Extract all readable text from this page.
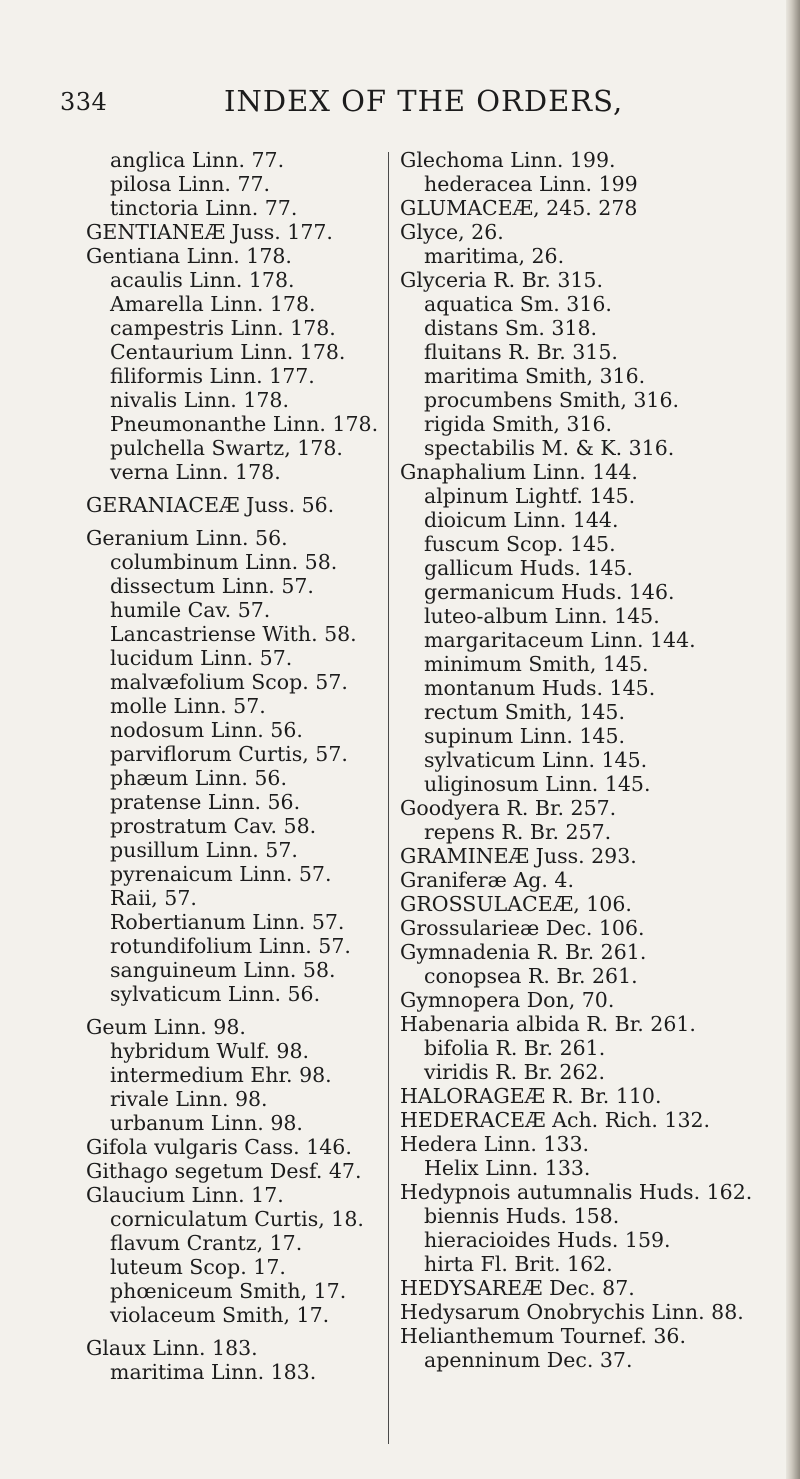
334	INDEX OF THE ORDERS,
anglica Linn. 77.
pilosa Linn. 77.
tinctoria Linn. 77.
GENTIANEÆ Juss. 177.
Gentiana Linn. 178.
acaulis Linn. 178.
Amarella Linn. 178.
campestris Linn. 178.
Centaurium Linn. 178.
filiformis Linn. 177.
nivalis Linn. 178.
Pneumonanthe Linn. 178.
pulchella Swartz, 178.
verna Linn. 178.
GERANIACEÆ Juss. 56.
Geranium Linn. 56.
columbinum Linn. 58.
dissectum Linn. 57.
humile Cav. 57.
Lancastriense With. 58.
lucidum Linn. 57.
malvæfolium Scop. 57.
molle Linn. 57.
nodosum Linn. 56.
parviflorum Curtis, 57.
phæum Linn. 56.
pratense Linn. 56.
prostratum Cav. 58.
pusillum Linn. 57.
pyrenaicum Linn. 57.
Raii, 57.
Robertianum Linn. 57.
rotundifolium Linn. 57.
sanguineum Linn. 58.
sylvaticum Linn. 56.
Geum Linn. 98.
hybridum Wulf. 98.
intermedium Ehr. 98.
rivale Linn. 98.
urbanum Linn. 98.
Gifola vulgaris Cass. 146.
Githago segetum Desf. 47.
Glaucium Linn. 17.
corniculatum Curtis, 18.
flavum Crantz, 17.
luteum Scop. 17.
phœniceum Smith, 17.
violaceum Smith, 17.
Glaux Linn. 183.
maritima Linn. 183.
Glechoma Linn. 199.
hederacea Linn. 199
GLUMACEÆ, 245. 278
Glyce, 26.
maritima, 26.
Glyceria R. Br. 315.
aquatica Sm. 316.
distans Sm. 318.
fluitans R. Br. 315.
maritima Smith, 316.
procumbens Smith, 316.
rigida Smith, 316.
spectabilis M. & K. 316.
Gnaphalium Linn. 144.
alpinum Lightf. 145.
dioicum Linn. 144.
fuscum Scop. 145.
gallicum Huds. 145.
germanicum Huds. 146.
luteo-album Linn. 145.
margaritaceum Linn. 144.
minimum Smith, 145.
montanum Huds. 145.
rectum Smith, 145.
supinum Linn. 145.
sylvaticum Linn. 145.
uliginosum Linn. 145.
Goodyera R. Br. 257.
repens R. Br. 257.
GRAMINEÆ Juss. 293.
Graniferæ Ag. 4.
GROSSULACEÆ, 106.
Grossularieæ Dec. 106.
Gymnadenia R. Br. 261.
conopsea R. Br. 261.
Gymnopera Don, 70.
Habenaria albida R. Br. 261.
bifolia R. Br. 261.
viridis R. Br. 262.
HALORAGEÆ R. Br. 110.
HEDERACEÆ Ach. Rich. 132.
Hedera Linn. 133.
Helix Linn. 133.
Hedypnois autumnalis Huds. 162.
biennis Huds. 158.
hieracioides Huds. 159.
hirta Fl. Brit. 162.
HEDYSAREÆ Dec. 87.
Hedysarum Onobrychis Linn. 88.
Helianthemum Tournef. 36.
apenninum Dec. 37.
